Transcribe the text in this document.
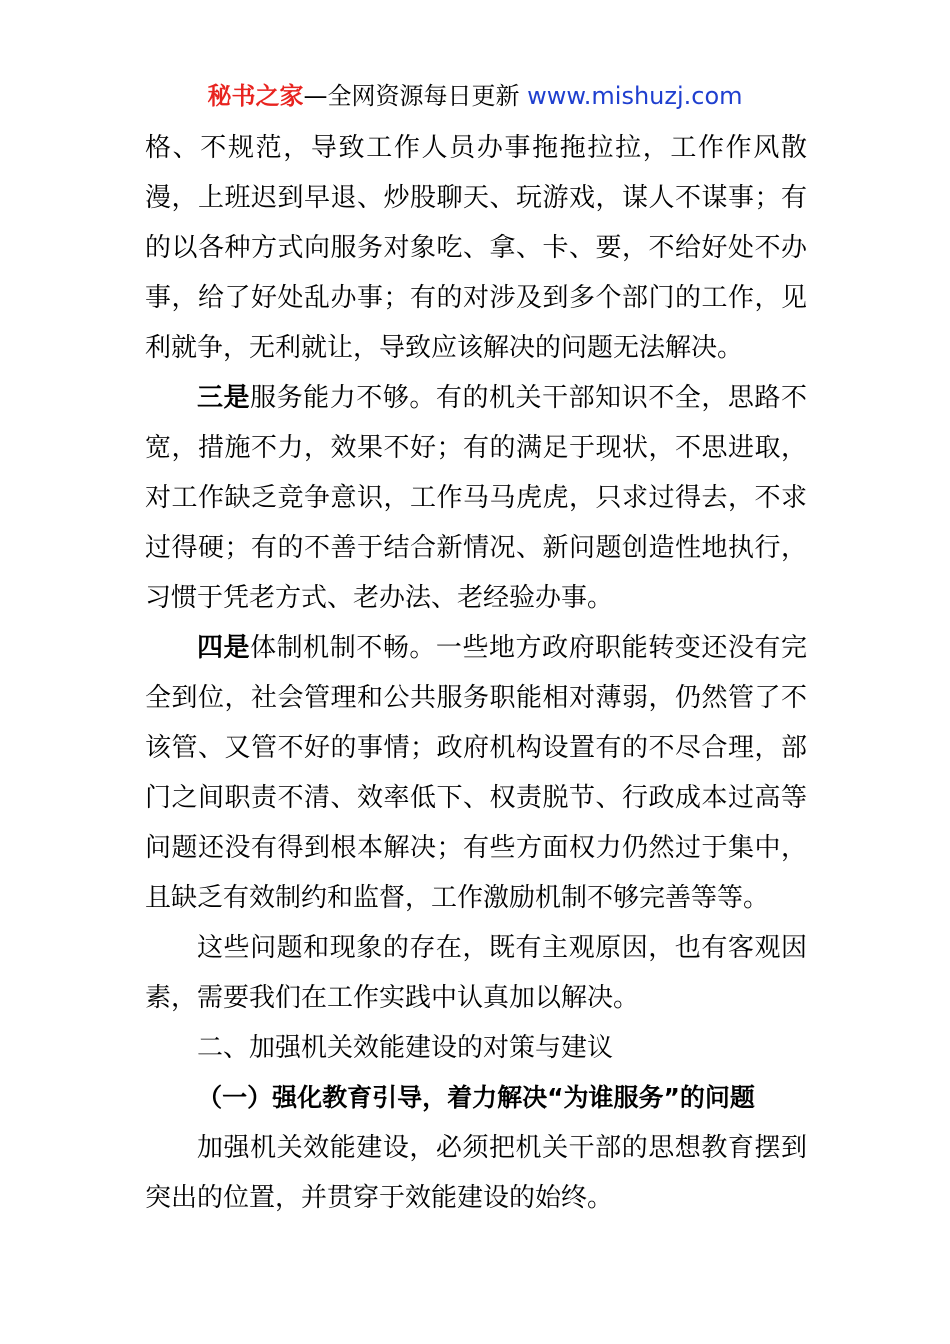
秘书之家—全网资源每日更新 www.mishuzj.com

格、不规范，导致工作人员办事拖拖拉拉，工作作风散漫，上班迟到早退、炒股聊天、玩游戏，谋人不谋事；有的以各种方式向服务对象吃、拿、卡、要，不给好处不办事，给了好处乱办事；有的对涉及到多个部门的工作，见利就争，无利就让，导致应该解决的问题无法解决。

三是服务能力不够。有的机关干部知识不全，思路不宽，措施不力，效果不好；有的满足于现状，不思进取，对工作缺乏竞争意识，工作马马虎虎，只求过得去，不求过得硬；有的不善于结合新情况、新问题创造性地执行，习惯于凭老方式、老办法、老经验办事。

四是体制机制不畅。一些地方政府职能转变还没有完全到位，社会管理和公共服务职能相对薄弱，仍然管了不该管、又管不好的事情；政府机构设置有的不尽合理，部门之间职责不清、效率低下、权责脱节、行政成本过高等问题还没有得到根本解决；有些方面权力仍然过于集中，且缺乏有效制约和监督，工作激励机制不够完善等等。

这些问题和现象的存在，既有主观原因，也有客观因素，需要我们在工作实践中认真加以解决。

二、加强机关效能建设的对策与建议

（一）强化教育引导，着力解决“为谁服务”的问题

加强机关效能建设，必须把机关干部的思想教育摆到突出的位置，并贯穿于效能建设的始终。
